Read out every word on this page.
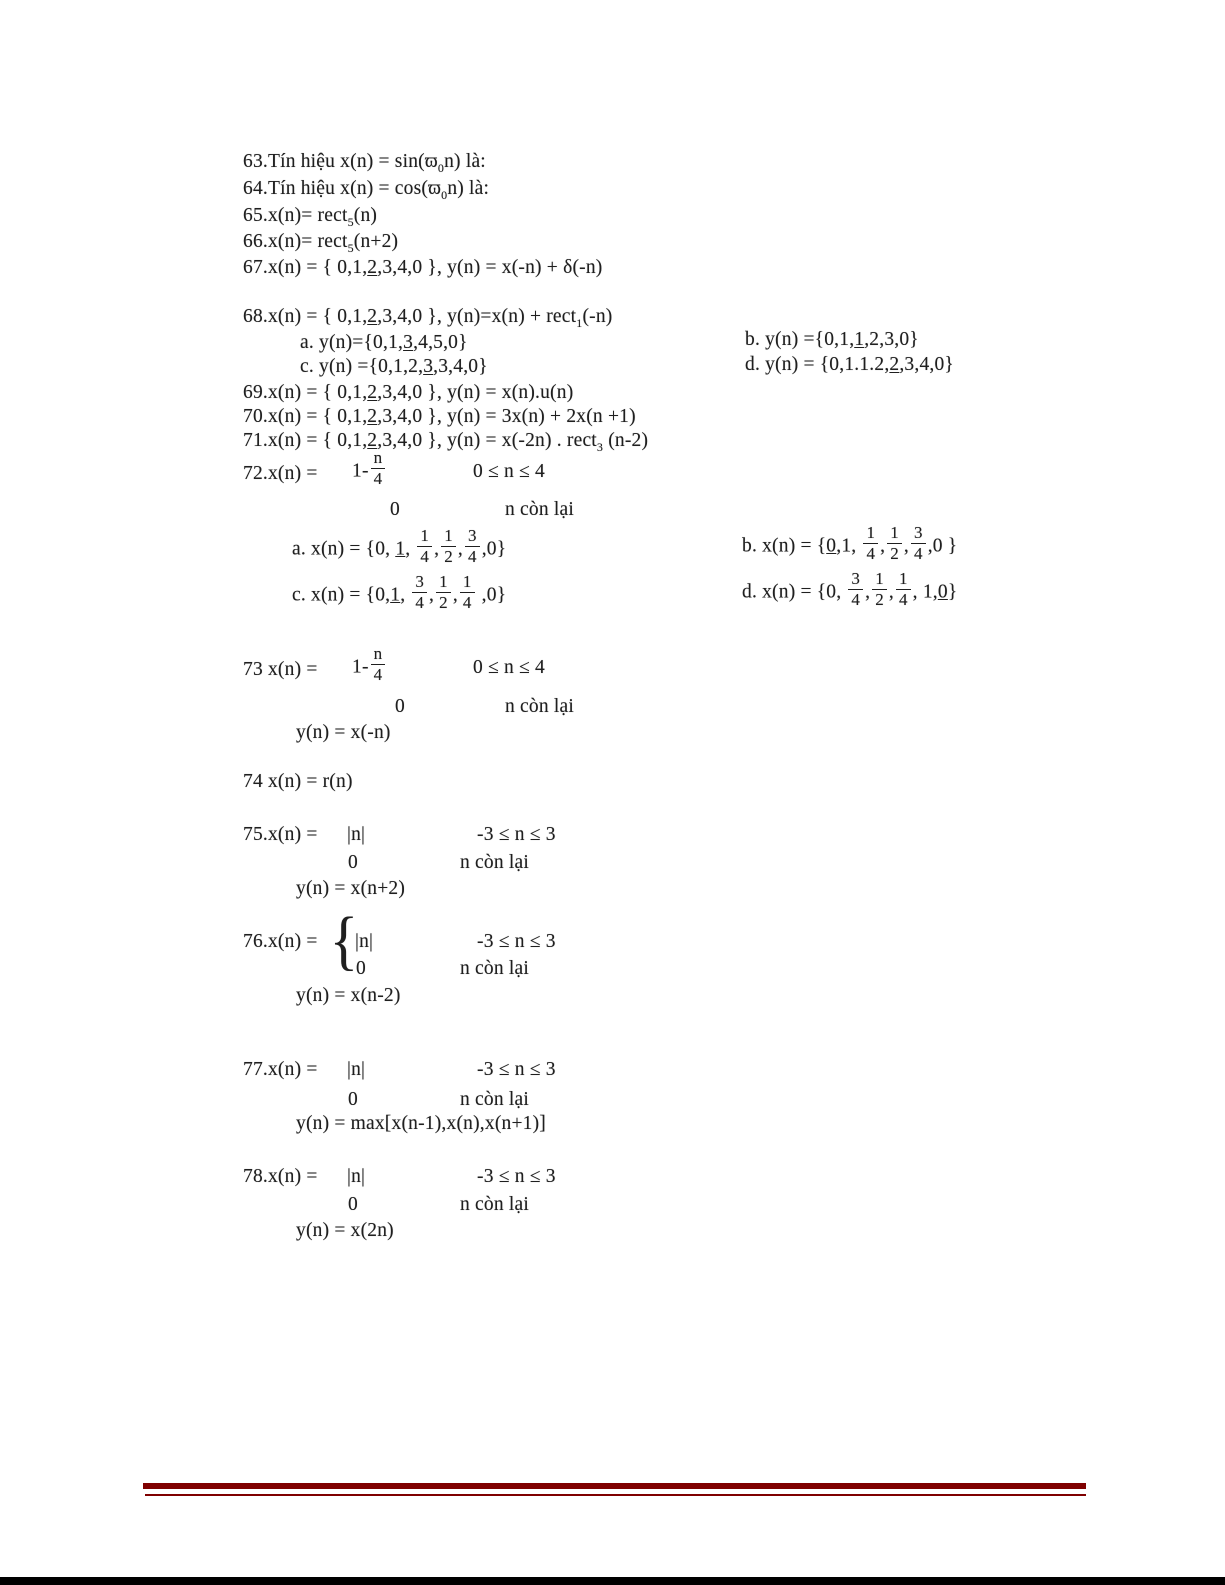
63.Tín hiệu $x(n) = \sin(ϖ_0n)$ là:
64.Tín hiệu $x(n) = \cos(ϖ_0n)$ là:
65.x(n)= rect$_5$(n)
66.x(n)= rect$_5$(n+2)
67.x(n) = { 0,1,2,3,4,0 }, y(n) = x(-n) + δ(-n)
68.x(n) = { 0,1,2,3,4,0 }, y(n)=x(n) + rect$_1$(-n)
a. y(n)={0,1,3,4,5,0}	b. y(n) ={0,1,1,2,3,0}
c. y(n) ={0,1,2,3,3,4,0}	d. y(n) = {0,1.1.2,2,3,4,0}
69.x(n) = { 0,1,2,3,4,0 }, y(n) = x(n).u(n)
70.x(n) = { 0,1,2,3,4,0 }, y(n) = 3x(n) + 2x(n +1)
71.x(n) = { 0,1,2,3,4,0 }, y(n) = x(-2n) . rect$_3$ (n-2)
$72.x(n) = 1- \frac{n}{4}$	0 ≤ n ≤ 4
0	n còn lại
a. x(n) = {0, 1, $\frac{1}{4}$ , $\frac{1}{2}$ , $\frac{3}{4} ,0$}	b. x(n) = {0,1, $\frac{1}{4}$ , $\frac{1}{2}$ , $\frac{3}{4} ,0$ }
c. x(n) = {0,1, $\frac{3}{4}$ , $\frac{1}{2}$ , $\frac{1}{4} ,0$}	d. x(n) = {0, $\frac{3}{4}$ , $\frac{1}{2}$ , $\frac{1}{4}$ , 1,0}
73 $x(n) = 1- \frac{n}{4}$	0 ≤ n ≤ 4
0	n còn lại
y(n) = x(-n)
74 x(n) = r(n)
75.x(n) = |n|	-3 ≤ n ≤ 3
0	n còn lại
y(n) = x(n+2)
76.x(n) = {
|n|	-3 ≤ n ≤ 3
0	n còn lại
y(n) = x(n-2)
77.x(n) = |n|	-3 ≤ n ≤ 3
0	n còn lại
y(n) = max[x(n-1),x(n),x(n+1)]
78.x(n) = |n|	-3 ≤ n ≤ 3
0	n còn lại
y(n) = x(2n)
